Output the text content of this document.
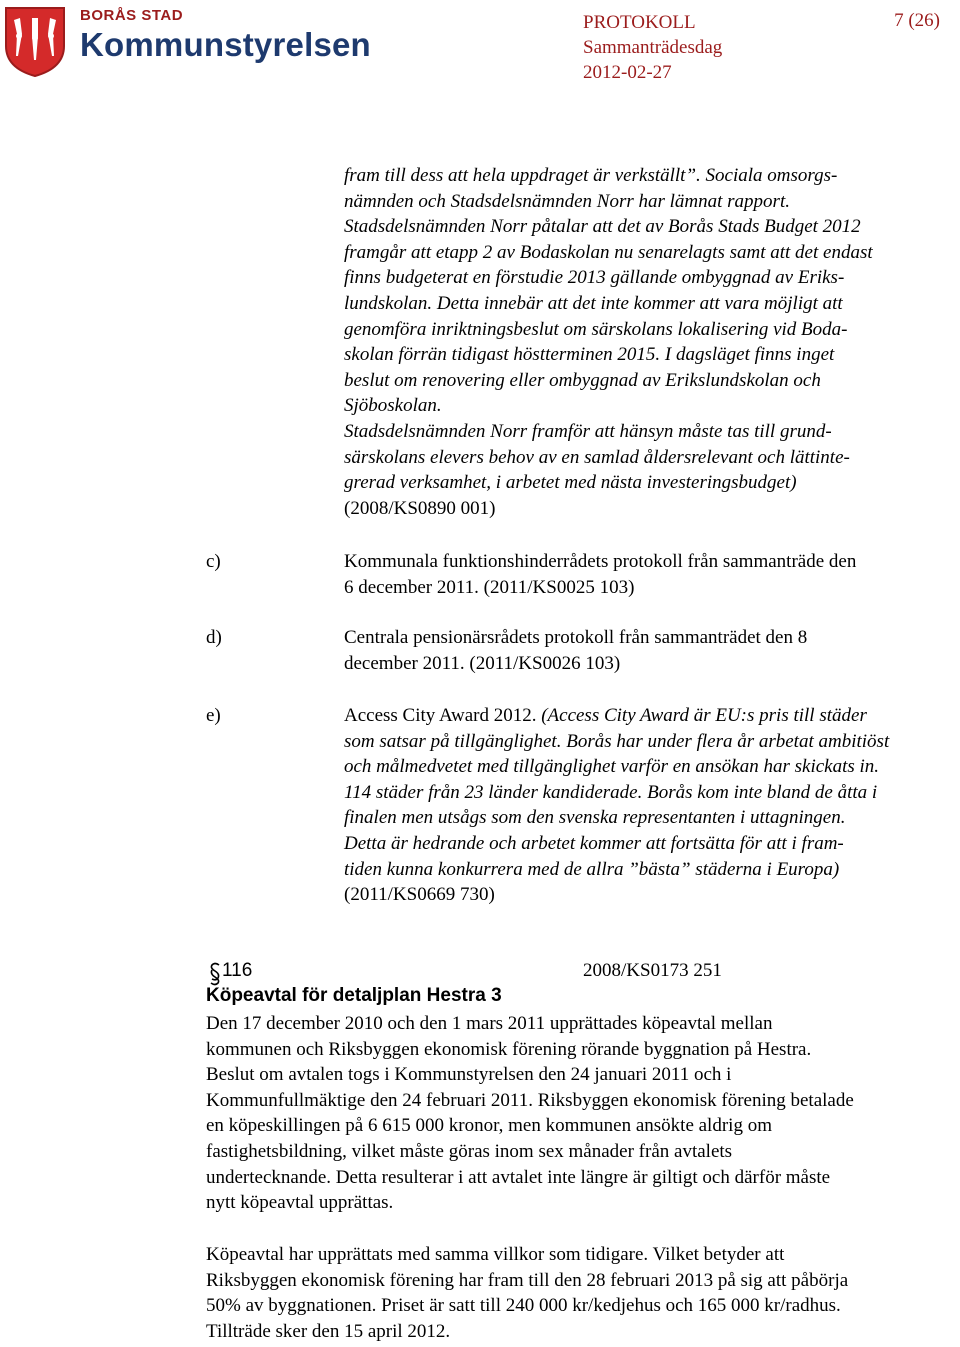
BORÅS STAD
Kommunstyrelsen
PROTOKOLL
Sammanträdesdag
2012-02-27
7 (26)
fram till dess att hela uppdraget är verkställt”. Sociala omsorgs-
nämnden och Stadsdelsnämnden Norr har lämnat rapport.
Stadsdelsnämnden Norr påtalar att det av Borås Stads Budget 2012
framgår att etapp 2 av Bodaskolan nu senarelagts samt att det endast
finns budgeterat en förstudie 2013 gällande ombyggnad av Eriks-
lundskolan. Detta innebär att det inte kommer att vara möjligt att
genomföra inriktningsbeslut om särskolans lokalisering vid Boda-
skolan förrän tidigast höstterminen 2015. I dagsläget finns inget
beslut om renovering eller ombyggnad av Erikslundskolan och
Sjöboskolan.
Stadsdelsnämnden Norr framför att hänsyn måste tas till grund-
särskolans elevers behov av en samlad åldersrelevant och lättinte-
grerad verksamhet, i arbetet med nästa investeringsbudget)
(2008/KS0890 001)
c)	Kommunala funktionshinderrådets protokoll från sammanträde den
6 december 2011. (2011/KS0025 103)
d)	Centrala pensionärsrådets protokoll från sammanträdet den 8
december 2011. (2011/KS0026 103)
e)	Access City Award 2012. (Access City Award är EU:s pris till städer
som satsar på tillgänglighet. Borås har under flera år arbetat ambitiöst
och målmedvetet med tillgänglighet varför en ansökan har skickats in.
114 städer från 23 länder kandiderade. Borås kom inte bland de åtta i
finalen men utsågs som den svenska representanten i uttagningen.
Detta är hedrande och arbetet kommer att fortsätta för att i fram-
tiden kunna konkurrera med de allra ”bästa” städerna i Europa)
(2011/KS0669 730)
116	2008/KS0173 251
Köpeavtal för detaljplan Hestra 3
Den 17 december 2010 och den 1 mars 2011 upprättades köpeavtal mellan
kommunen och Riksbyggen ekonomisk förening rörande byggnation på Hestra.
Beslut om avtalen togs i Kommunstyrelsen den 24 januari 2011 och i
Kommunfullmäktige den 24 februari 2011. Riksbyggen ekonomisk förening betalade
en köpeskillingen på 6 615 000 kronor, men kommunen ansökte aldrig om
fastighetsbildning, vilket måste göras inom sex månader från avtalets
undertecknande. Detta resulterar i att avtalet inte längre är giltigt och därför måste
nytt köpeavtal upprättas.
Köpeavtal har upprättats med samma villkor som tidigare. Vilket betyder att
Riksbyggen ekonomisk förening har fram till den 28 februari 2013 på sig att påbörja
50% av byggnationen. Priset är satt till 240 000 kr/kedjehus och 165 000 kr/radhus.
Tillträde sker den 15 april 2012.
